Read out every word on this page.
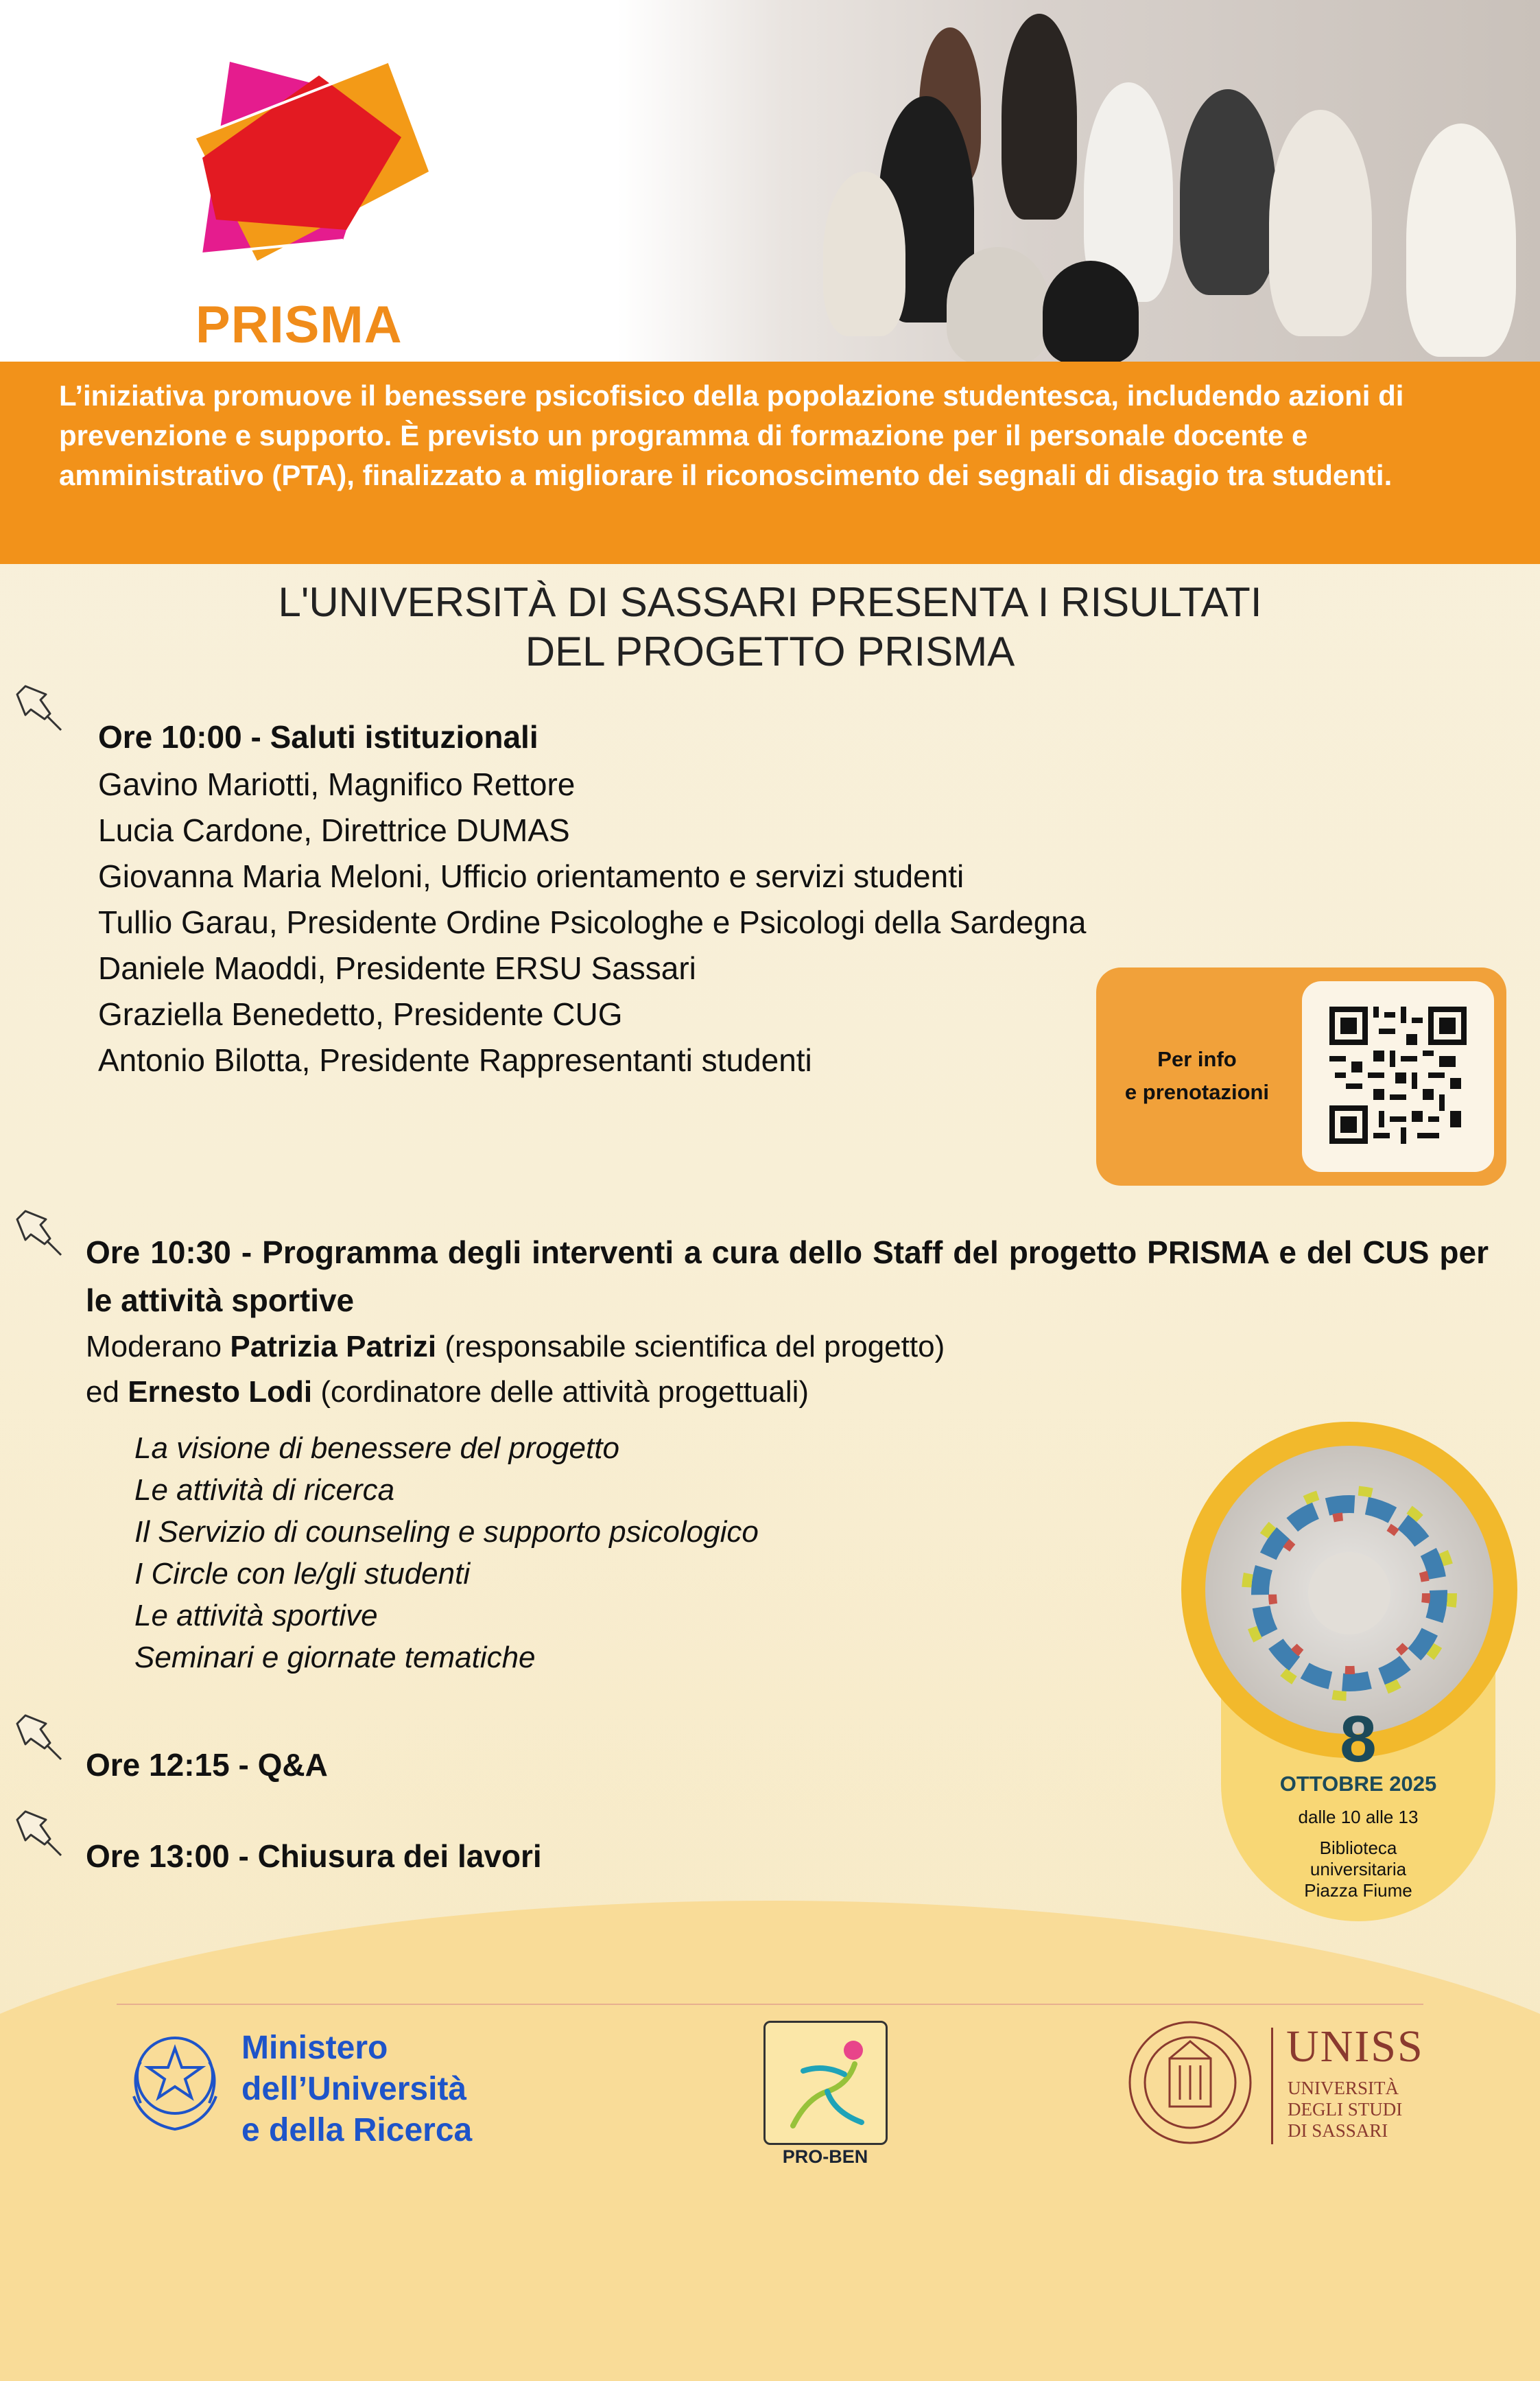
PRISMA
L’iniziativa promuove il benessere psicofisico della popolazione studentesca, includendo azioni di prevenzione e supporto. È previsto un programma di formazione per il personale docente e amministrativo (PTA), finalizzato a migliorare il riconoscimento dei segnali di disagio tra studenti.
L'UNIVERSITÀ DI SASSARI PRESENTA I RISULTATI
DEL PROGETTO PRISMA
Ore 10:00 - Saluti istituzionali
Gavino Mariotti, Magnifico Rettore
Lucia Cardone, Direttrice DUMAS
Giovanna Maria Meloni, Ufficio orientamento e servizi studenti
Tullio Garau, Presidente Ordine Psicologhe e Psicologi della Sardegna
Daniele Maoddi, Presidente ERSU Sassari
Graziella Benedetto, Presidente CUG
Antonio Bilotta, Presidente Rappresentanti studenti	Per info
e prenotazioni
Ore 10:30 - Programma degli interventi a cura dello Staff del progetto PRISMA e del CUS per le attività sportive
Moderano Patrizia Patrizi (responsabile scientifica del progetto)
ed Ernesto Lodi (cordinatore delle attività progettuali)
La visione di benessere del progetto
Le attività di ricerca
Il Servizio di counseling e supporto psicologico
I Circle con le/gli studenti
Le attività sportive
Seminari e giornate tematiche
Ore 12:15 - Q&A
Ore 13:00 - Chiusura dei lavori
8
OTTOBRE 2025
dalle 10 alle 13
Biblioteca
universitaria
Piazza Fiume
Ministero
dell’Università
e della Ricerca
PRO-BEN
UNISS
UNIVERSITÀ
DEGLI STUDI
DI SASSARI
